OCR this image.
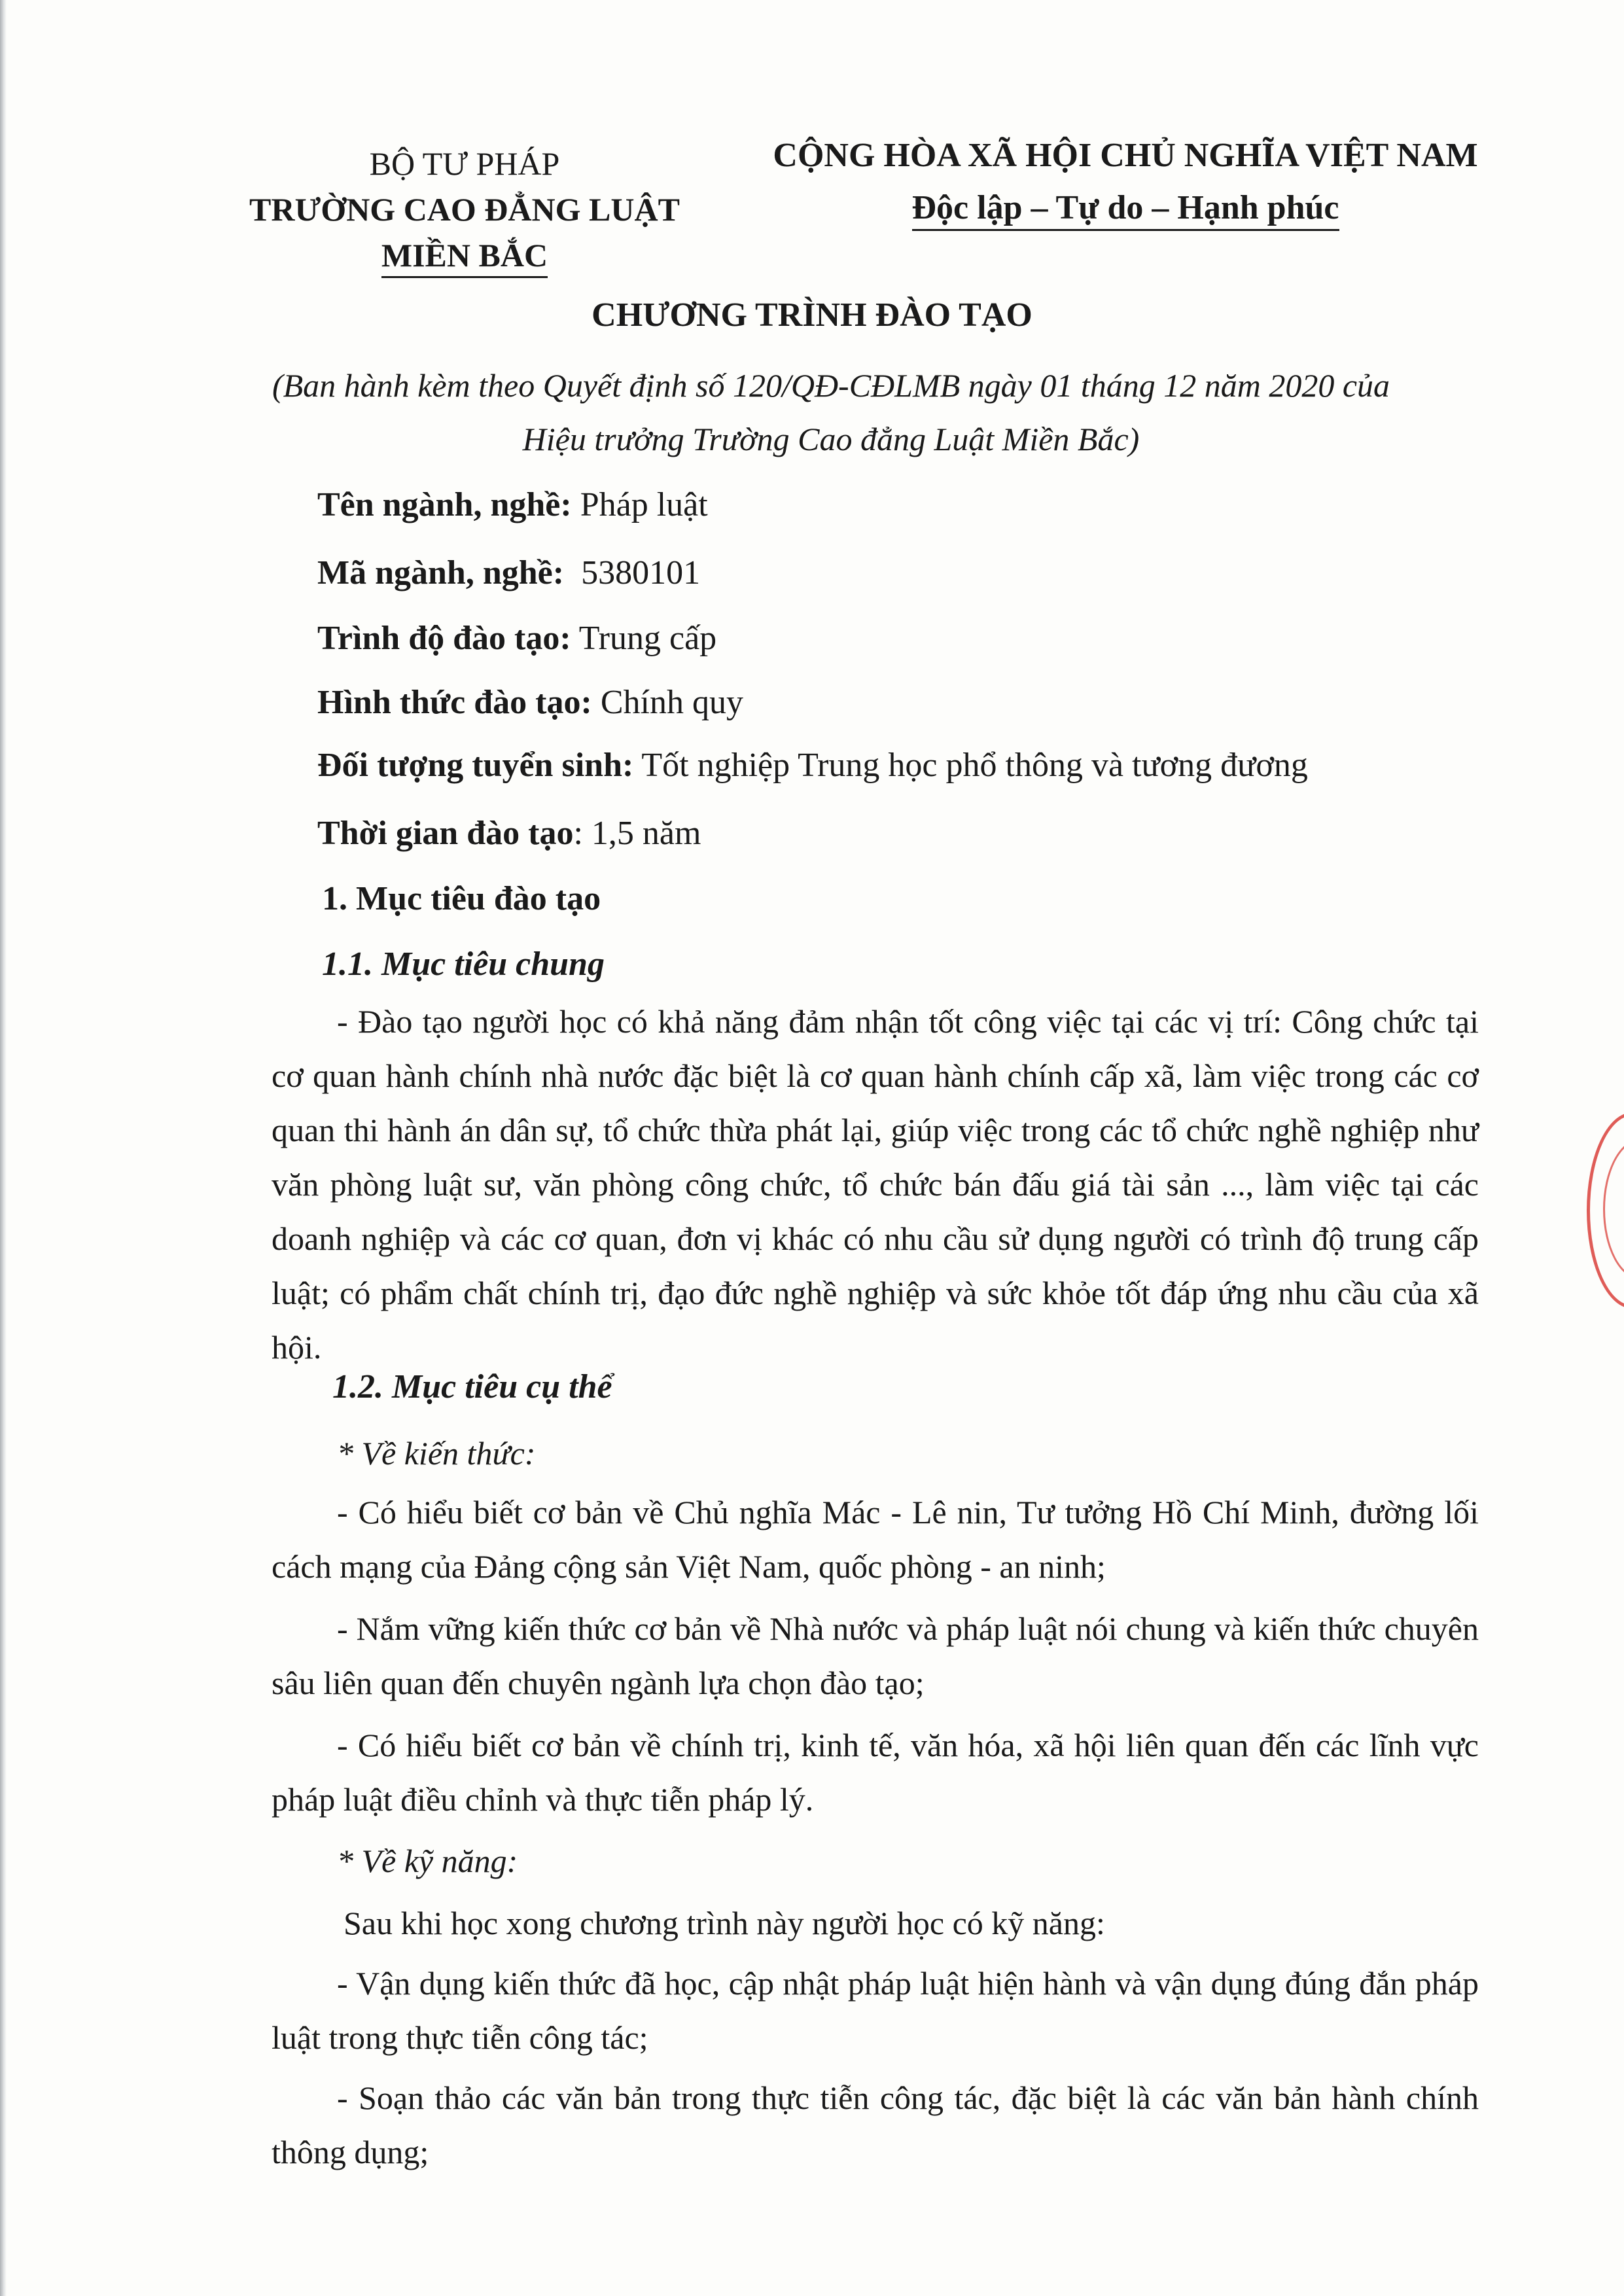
BỘ TƯ PHÁP
TRƯỜNG CAO ĐẲNG LUẬT
MIỀN BẮC
CỘNG HÒA XÃ HỘI CHỦ NGHĨA VIỆT NAM
Độc lập – Tự do – Hạnh phúc
CHƯƠNG TRÌNH ĐÀO TẠO
(Ban hành kèm theo Quyết định số 120/QĐ-CĐLMB ngày 01 tháng 12 năm 2020 của Hiệu trưởng Trường Cao đẳng Luật Miền Bắc)
Tên ngành, nghề: Pháp luật
Mã ngành, nghề:  5380101
Trình độ đào tạo: Trung cấp
Hình thức đào tạo: Chính quy
Đối tượng tuyển sinh: Tốt nghiệp Trung học phổ thông và tương đương
Thời gian đào tạo: 1,5 năm
1. Mục tiêu đào tạo
1.1. Mục tiêu chung
- Đào tạo người học có khả năng đảm nhận tốt công việc tại các vị trí: Công chức tại cơ quan hành chính nhà nước đặc biệt là cơ quan hành chính cấp xã, làm việc trong các cơ quan thi hành án dân sự, tổ chức thừa phát lại, giúp việc trong các tổ chức nghề nghiệp như văn phòng luật sư, văn phòng công chức, tổ chức bán đấu giá tài sản ..., làm việc tại các doanh nghiệp và các cơ quan, đơn vị khác có nhu cầu sử dụng người có trình độ trung cấp luật; có phẩm chất chính trị, đạo đức nghề nghiệp và sức khỏe tốt đáp ứng nhu cầu của xã hội.
1.2. Mục tiêu cụ thể
* Về kiến thức:
- Có hiểu biết cơ bản về Chủ nghĩa Mác - Lê nin, Tư tưởng Hồ Chí Minh, đường lối cách mạng của Đảng cộng sản Việt Nam, quốc phòng - an ninh;
- Nắm vững kiến thức cơ bản về Nhà nước và pháp luật nói chung và kiến thức chuyên sâu liên quan đến chuyên ngành lựa chọn đào tạo;
- Có hiểu biết cơ bản về chính trị, kinh tế, văn hóa, xã hội liên quan đến các lĩnh vực pháp luật điều chỉnh và thực tiễn pháp lý.
* Về kỹ năng:
Sau khi học xong chương trình này người học có kỹ năng:
- Vận dụng kiến thức đã học, cập nhật pháp luật hiện hành và vận dụng đúng đắn pháp luật trong thực tiễn công tác;
- Soạn thảo các văn bản trong thực tiễn công tác, đặc biệt là các văn bản hành chính thông dụng;
